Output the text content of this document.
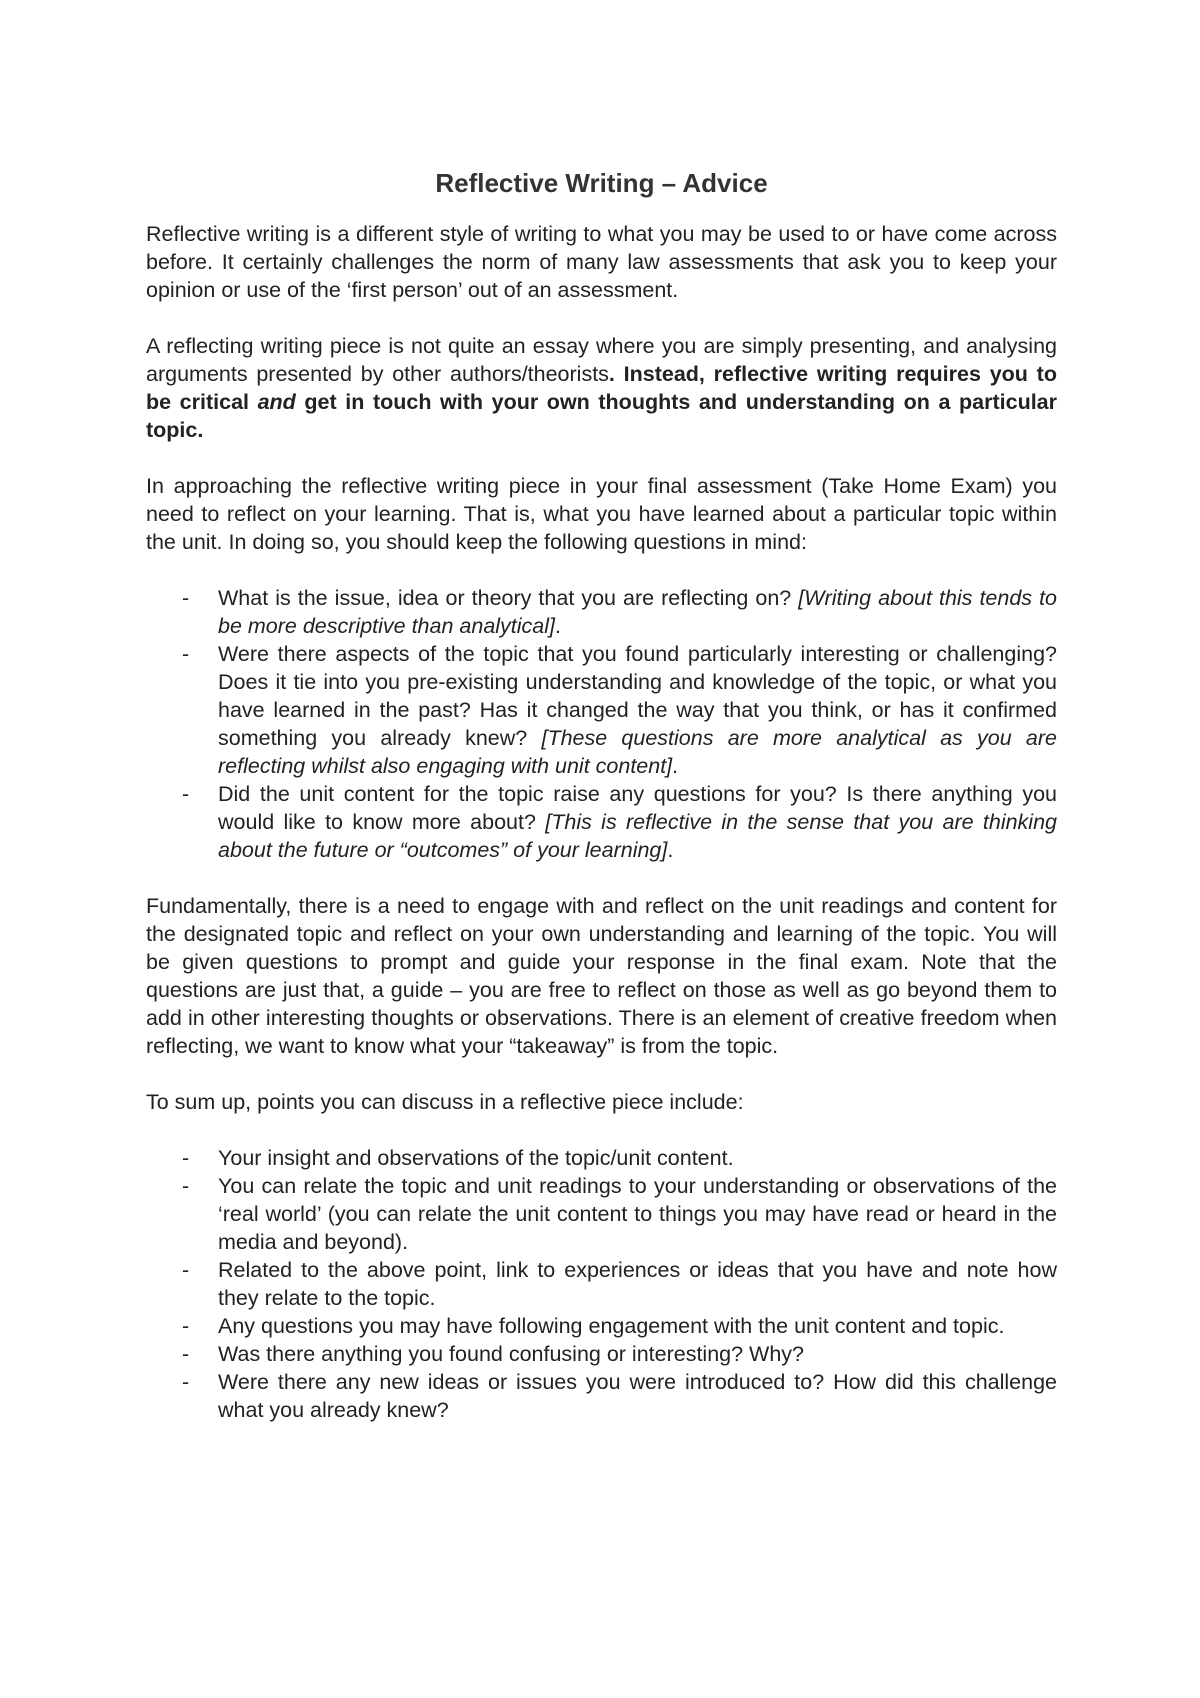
Reflective Writing – Advice

Reflective writing is a different style of writing to what you may be used to or have come across before. It certainly challenges the norm of many law assessments that ask you to keep your opinion or use of the ‘first person’ out of an assessment.

A reflecting writing piece is not quite an essay where you are simply presenting, and analysing arguments presented by other authors/theorists. Instead, reflective writing requires you to be critical and get in touch with your own thoughts and understanding on a particular topic.

In approaching the reflective writing piece in your final assessment (Take Home Exam) you need to reflect on your learning. That is, what you have learned about a particular topic within the unit. In doing so, you should keep the following questions in mind:

- What is the issue, idea or theory that you are reflecting on? [Writing about this tends to be more descriptive than analytical].
- Were there aspects of the topic that you found particularly interesting or challenging? Does it tie into you pre-existing understanding and knowledge of the topic, or what you have learned in the past? Has it changed the way that you think, or has it confirmed something you already knew? [These questions are more analytical as you are reflecting whilst also engaging with unit content].
- Did the unit content for the topic raise any questions for you? Is there anything you would like to know more about? [This is reflective in the sense that you are thinking about the future or “outcomes” of your learning].

Fundamentally, there is a need to engage with and reflect on the unit readings and content for the designated topic and reflect on your own understanding and learning of the topic. You will be given questions to prompt and guide your response in the final exam. Note that the questions are just that, a guide – you are free to reflect on those as well as go beyond them to add in other interesting thoughts or observations. There is an element of creative freedom when reflecting, we want to know what your “takeaway” is from the topic.

To sum up, points you can discuss in a reflective piece include:

- Your insight and observations of the topic/unit content.
- You can relate the topic and unit readings to your understanding or observations of the ‘real world’ (you can relate the unit content to things you may have read or heard in the media and beyond).
- Related to the above point, link to experiences or ideas that you have and note how they relate to the topic.
- Any questions you may have following engagement with the unit content and topic.
- Was there anything you found confusing or interesting? Why?
- Were there any new ideas or issues you were introduced to? How did this challenge what you already knew?
